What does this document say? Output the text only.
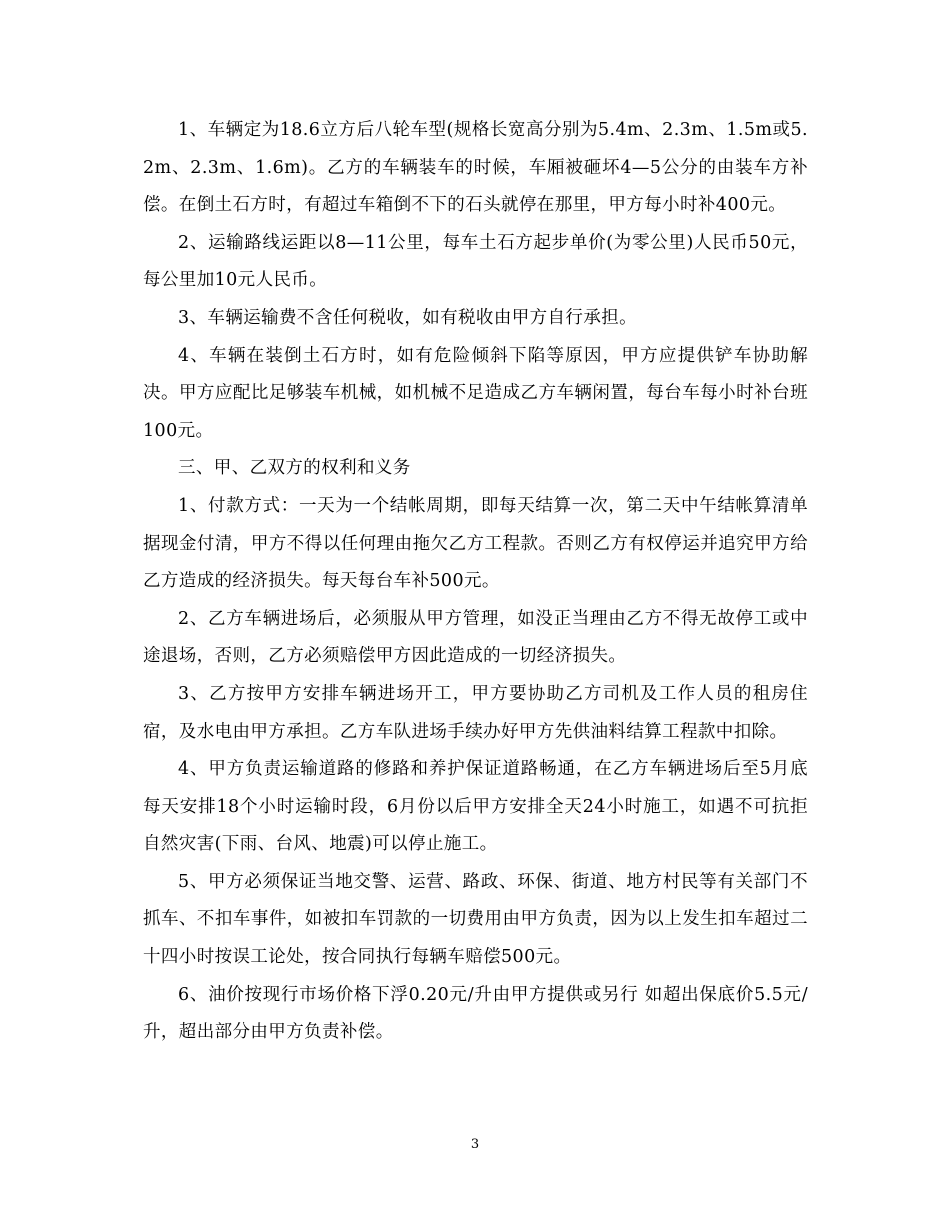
1、车辆定为18.6立方后八轮车型(规格长宽高分别为5.4m、2.3m、1.5m或5.2m、2.3m、1.6m)。乙方的车辆装车的时候，车厢被砸坏4—5公分的由装车方补偿。在倒土石方时，有超过车箱倒不下的石头就停在那里，甲方每小时补400元。

2、运输路线运距以8—11公里，每车土石方起步单价(为零公里)人民币50元，每公里加10元人民币。

3、车辆运输费不含任何税收，如有税收由甲方自行承担。

4、车辆在装倒土石方时，如有危险倾斜下陷等原因，甲方应提供铲车协助解决。甲方应配比足够装车机械，如机械不足造成乙方车辆闲置，每台车每小时补台班100元。

三、甲、乙双方的权利和义务

1、付款方式：一天为一个结帐周期，即每天结算一次，第二天中午结帐算清单据现金付清，甲方不得以任何理由拖欠乙方工程款。否则乙方有权停运并追究甲方给乙方造成的经济损失。每天每台车补500元。

2、乙方车辆进场后，必须服从甲方管理，如没正当理由乙方不得无故停工或中途退场，否则，乙方必须赔偿甲方因此造成的一切经济损失。

3、乙方按甲方安排车辆进场开工，甲方要协助乙方司机及工作人员的租房住宿，及水电由甲方承担。乙方车队进场手续办好甲方先供油料结算工程款中扣除。

4、甲方负责运输道路的修路和养护保证道路畅通，在乙方车辆进场后至5月底每天安排18个小时运输时段，6月份以后甲方安排全天24小时施工，如遇不可抗拒自然灾害(下雨、台风、地震)可以停止施工。

5、甲方必须保证当地交警、运营、路政、环保、街道、地方村民等有关部门不抓车、不扣车事件，如被扣车罚款的一切费用由甲方负责，因为以上发生扣车超过二十四小时按误工论处，按合同执行每辆车赔偿500元。

6、油价按现行市场价格下浮0.20元/升由甲方提供或另行 如超出保底价5.5元/升，超出部分由甲方负责补偿。

3
